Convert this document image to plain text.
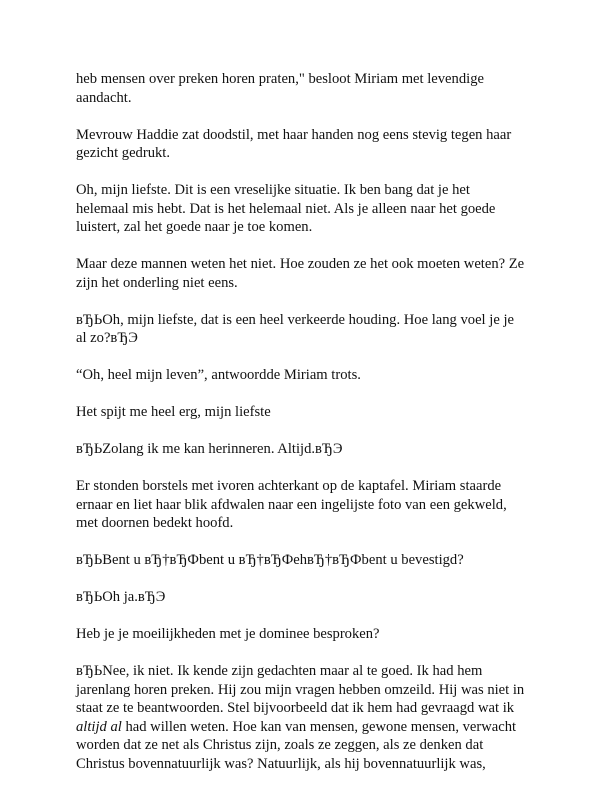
heb mensen over preken horen praten," besloot Miriam met levendige aandacht.

Mevrouw Haddie zat doodstil, met haar handen nog eens stevig tegen haar gezicht gedrukt.

Oh, mijn liefste. Dit is een vreselijke situatie. Ik ben bang dat je het helemaal mis hebt. Dat is het helemaal niet. Als je alleen naar het goede luistert, zal het goede naar je toe komen.

Maar deze mannen weten het niet. Hoe zouden ze het ook moeten weten? Ze zijn het onderling niet eens.

вЂЬOh, mijn liefste, dat is een heel verkeerde houding. Hoe lang voel je je al zo?вЂЭ

“Oh, heel mijn leven”, antwoordde Miriam trots.

Het spijt me heel erg, mijn liefste

вЂЬZolang ik me kan herinneren. Altijd.вЂЭ

Er stonden borstels met ivoren achterkant op de kaptafel. Miriam staarde ernaar en liet haar blik afdwalen naar een ingelijste foto van een gekweld, met doornen bedekt hoofd.

вЂЬBent u вЂ†вЂФbent u вЂ†вЂФehвЂ†вЂФbent u bevestigd?

вЂЬOh ja.вЂЭ

Heb je je moeilijkheden met je dominee besproken?

вЂЬNee, ik niet. Ik kende zijn gedachten maar al te goed. Ik had hem jarenlang horen preken. Hij zou mijn vragen hebben omzeild. Hij was niet in staat ze te beantwoorden. Stel bijvoorbeeld dat ik hem had gevraagd wat ik altijd al had willen weten. Hoe kan van mensen, gewone mensen, verwacht worden dat ze net als Christus zijn, zoals ze zeggen, als ze denken dat Christus bovennatuurlijk was? Natuurlijk, als hij bovennatuurlijk was,
